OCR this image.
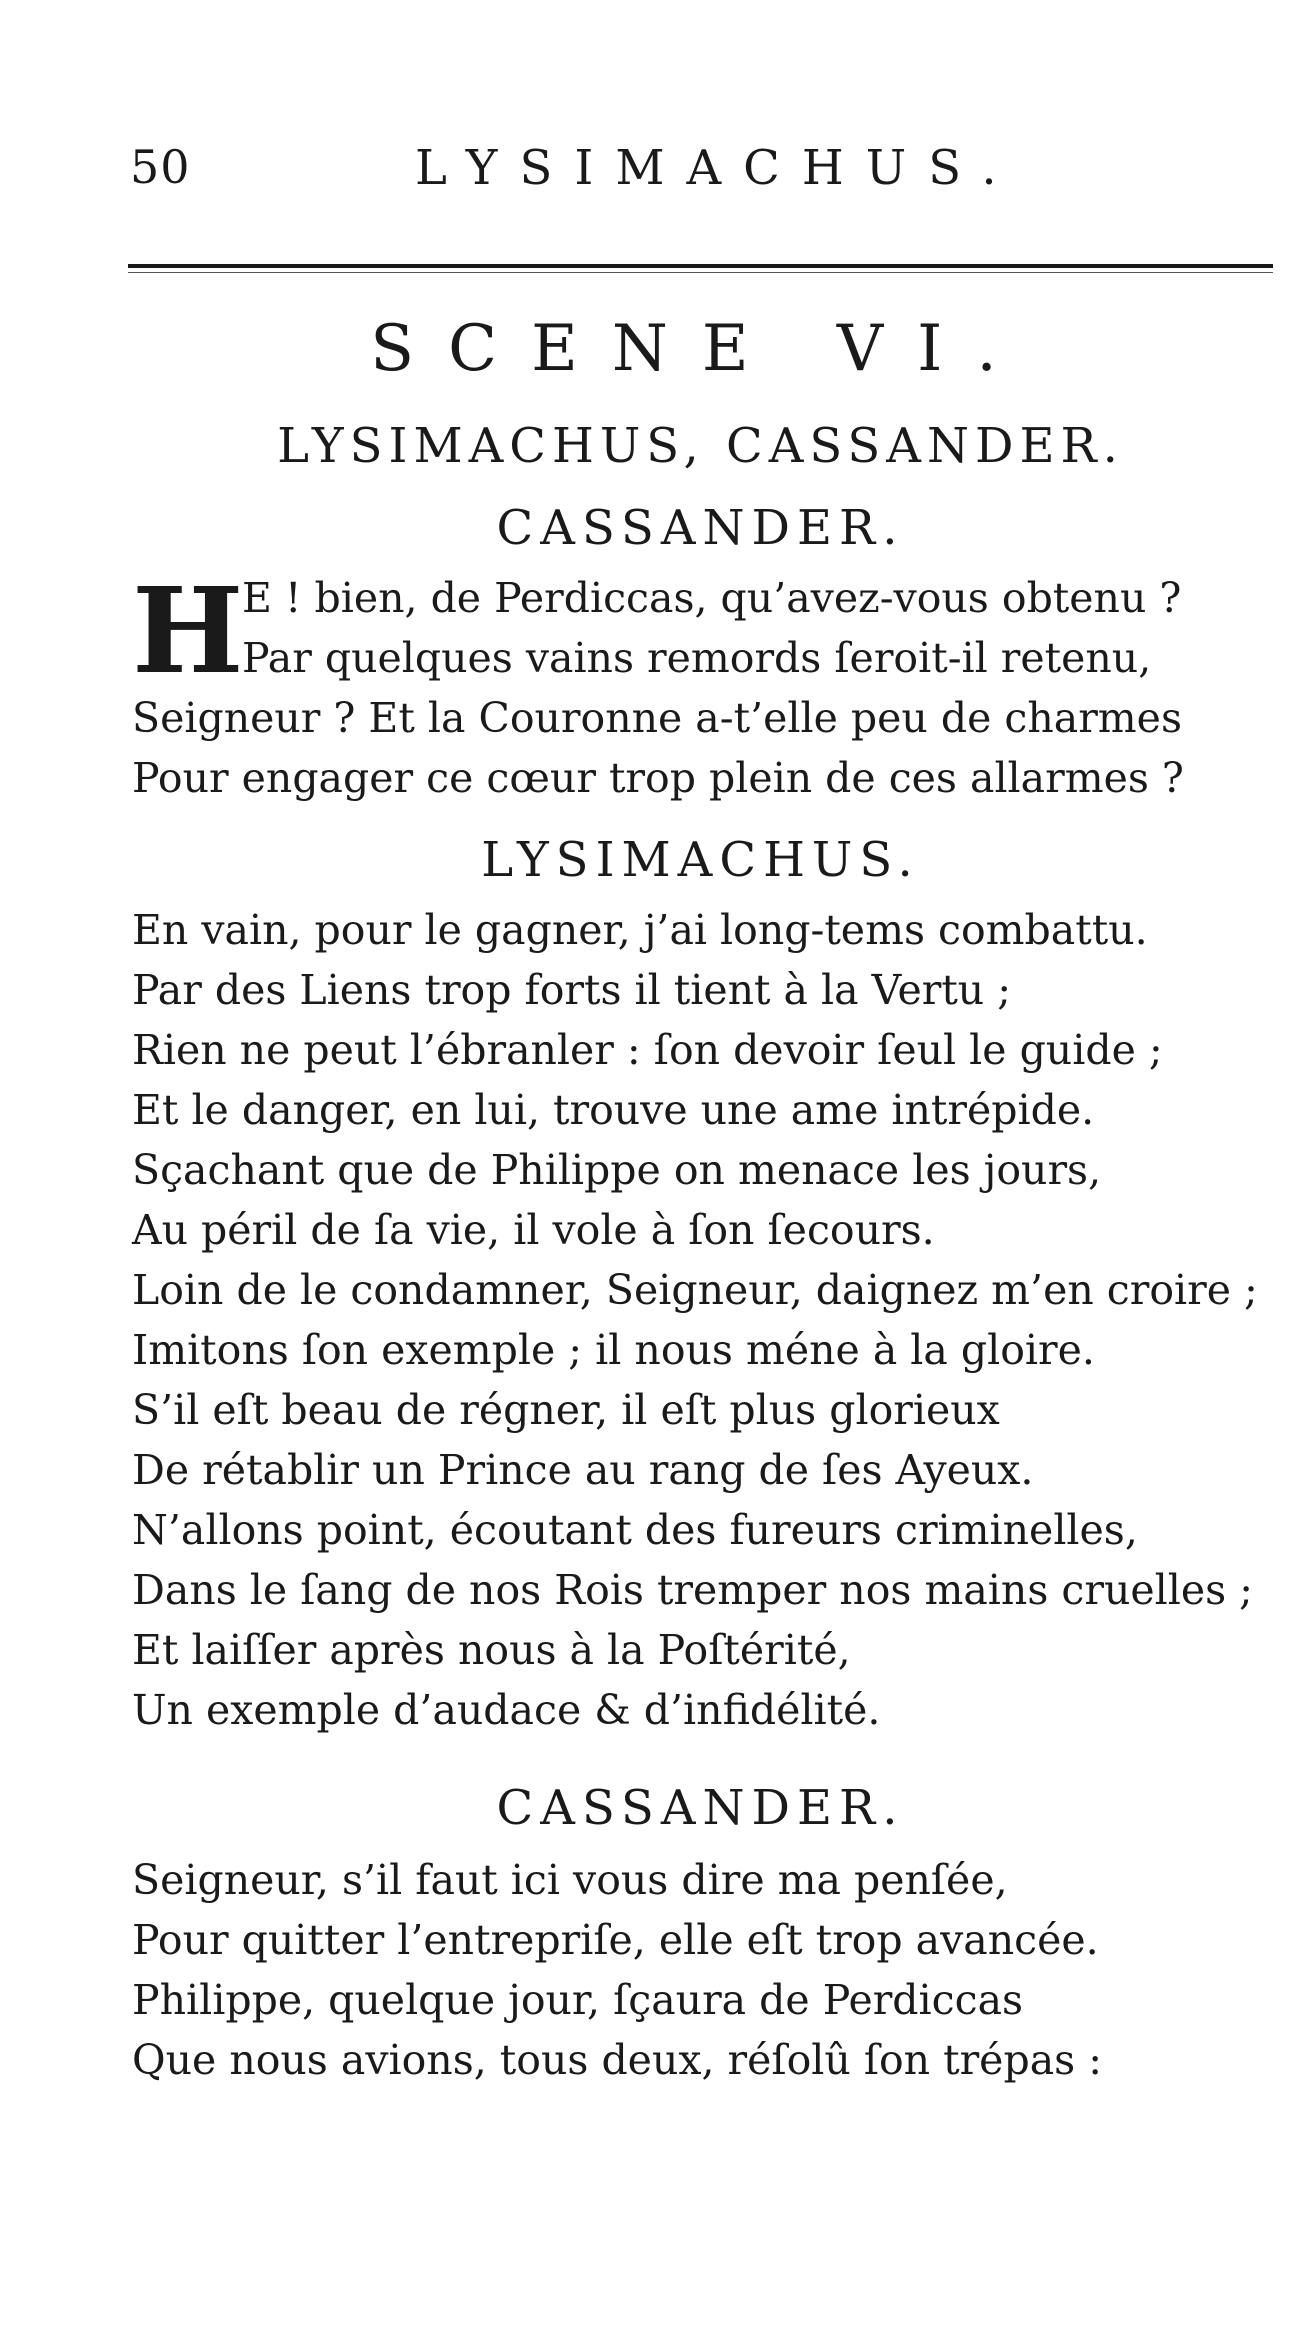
50	LYSIMACHUS.
SCENE VI.
LYSIMACHUS, CASSANDER.
CASSANDER.
H
E ! bien, de Perdiccas, qu’avez-vous obtenu ?
Par quelques vains remords ſeroit-il retenu,
Seigneur ? Et la Couronne a-t’elle peu de charmes
Pour engager ce cœur trop plein de ces allarmes ?
LYSIMACHUS.
En vain, pour le gagner, j’ai long-tems combattu.
Par des Liens trop forts il tient à la Vertu ;
Rien ne peut l’ébranler : ſon devoir ſeul le guide ;
Et le danger, en lui, trouve une ame intrépide.
Sçachant que de Philippe on menace les jours,
Au péril de ſa vie, il vole à ſon ſecours.
Loin de le condamner, Seigneur, daignez m’en croire ;
Imitons ſon exemple ; il nous méne à la gloire.
S’il eſt beau de régner, il eſt plus glorieux
De rétablir un Prince au rang de ſes Ayeux.
N’allons point, écoutant des fureurs criminelles,
Dans le ſang de nos Rois tremper nos mains cruelles ;
Et laiſſer après nous à la Poſtérité,
Un exemple d’audace & d’infidélité.
CASSANDER.
Seigneur, s’il faut ici vous dire ma penſée,
Pour quitter l’entrepriſe, elle eſt trop avancée.
Philippe, quelque jour, ſçaura de Perdiccas
Que nous avions, tous deux, réſolû ſon trépas :
